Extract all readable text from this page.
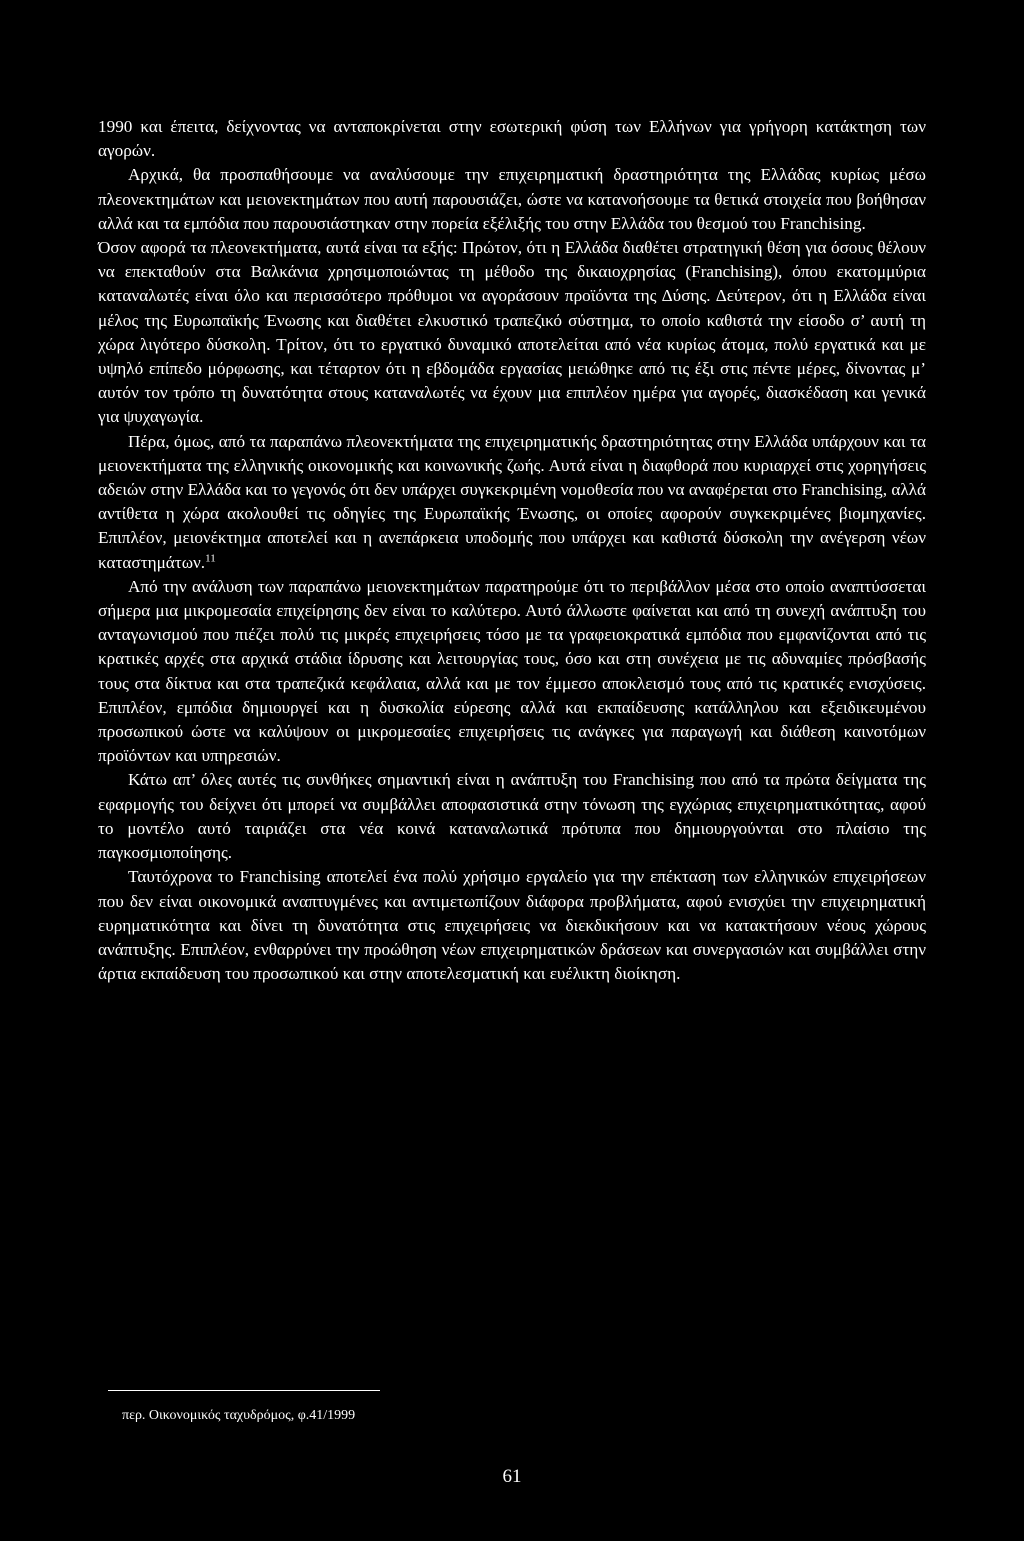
1990 και έπειτα, δείχνοντας να ανταποκρίνεται στην εσωτερική φύση των Ελλήνων για γρήγορη κατάκτηση των αγορών.

Αρχικά, θα προσπαθήσουμε να αναλύσουμε την επιχειρηματική δραστηριότητα της Ελλάδας κυρίως μέσω πλεονεκτημάτων και μειονεκτημάτων που αυτή παρουσιάζει, ώστε να κατανοήσουμε τα θετικά στοιχεία που βοήθησαν αλλά και τα εμπόδια που παρουσιάστηκαν στην πορεία εξέλιξής του στην Ελλάδα του θεσμού του Franchising.

Όσον αφορά τα πλεονεκτήματα, αυτά είναι τα εξής: Πρώτον, ότι η Ελλάδα διαθέτει στρατηγική θέση για όσους θέλουν να επεκταθούν στα Βαλκάνια χρησιμοποιώντας τη μέθοδο της δικαιοχρησίας (Franchising), όπου εκατομμύρια καταναλωτές είναι όλο και περισσότερο πρόθυμοι να αγοράσουν προϊόντα της Δύσης. Δεύτερον, ότι η Ελλάδα είναι μέλος της Ευρωπαϊκής Ένωσης και διαθέτει ελκυστικό τραπεζικό σύστημα, το οποίο καθιστά την είσοδο σ’ αυτή τη χώρα λιγότερο δύσκολη. Τρίτον, ότι το εργατικό δυναμικό αποτελείται από νέα κυρίως άτομα, πολύ εργατικά και με υψηλό επίπεδο μόρφωσης, και τέταρτον ότι η εβδομάδα εργασίας μειώθηκε από τις έξι στις πέντε μέρες, δίνοντας μ’ αυτόν τον τρόπο τη δυνατότητα στους καταναλωτές να έχουν μια επιπλέον ημέρα για αγορές, διασκέδαση και γενικά για ψυχαγωγία.

Πέρα, όμως, από τα παραπάνω πλεονεκτήματα της επιχειρηματικής δραστηριότητας στην Ελλάδα υπάρχουν και τα μειονεκτήματα της ελληνικής οικονομικής και κοινωνικής ζωής. Αυτά είναι η διαφθορά που κυριαρχεί στις χορηγήσεις αδειών στην Ελλάδα και το γεγονός ότι δεν υπάρχει συγκεκριμένη νομοθεσία που να αναφέρεται στο Franchising, αλλά αντίθετα η χώρα ακολουθεί τις οδηγίες της Ευρωπαϊκής Ένωσης, οι οποίες αφορούν συγκεκριμένες βιομηχανίες. Επιπλέον, μειονέκτημα αποτελεί και η ανεπάρκεια υποδομής που υπάρχει και καθιστά δύσκολη την ανέγερση νέων καταστημάτων.$^{11}$

Από την ανάλυση των παραπάνω μειονεκτημάτων παρατηρούμε ότι το περιβάλλον μέσα στο οποίο αναπτύσσεται σήμερα μια μικρομεσαία επιχείρησης δεν είναι το καλύτερο. Αυτό άλλωστε φαίνεται και από τη συνεχή ανάπτυξη του ανταγωνισμού που πιέζει πολύ τις μικρές επιχειρήσεις τόσο με τα γραφειοκρατικά εμπόδια που εμφανίζονται από τις κρατικές αρχές στα αρχικά στάδια ίδρυσης και λειτουργίας τους, όσο και στη συνέχεια με τις αδυναμίες πρόσβασής τους στα δίκτυα και στα τραπεζικά κεφάλαια, αλλά και με τον έμμεσο αποκλεισμό τους από τις κρατικές ενισχύσεις. Επιπλέον, εμπόδια δημιουργεί και η δυσκολία εύρεσης αλλά και εκπαίδευσης κατάλληλου και εξειδικευμένου προσωπικού ώστε να καλύψουν οι μικρομεσαίες επιχειρήσεις τις ανάγκες για παραγωγή και διάθεση καινοτόμων προϊόντων και υπηρεσιών.

Κάτω απ’ όλες αυτές τις συνθήκες σημαντική είναι η ανάπτυξη του Franchising που από τα πρώτα δείγματα της εφαρμογής του δείχνει ότι μπορεί να συμβάλλει αποφασιστικά στην τόνωση της εγχώριας επιχειρηματικότητας, αφού το μοντέλο αυτό ταιριάζει στα νέα κοινά καταναλωτικά πρότυπα που δημιουργούνται στο πλαίσιο της παγκοσμιοποίησης.

Ταυτόχρονα το Franchising αποτελεί ένα πολύ χρήσιμο εργαλείο για την επέκταση των ελληνικών επιχειρήσεων που δεν είναι οικονομικά αναπτυγμένες και αντιμετωπίζουν διάφορα προβλήματα, αφού ενισχύει την επιχειρηματική ευρηματικότητα και δίνει τη δυνατότητα στις επιχειρήσεις να διεκδικήσουν και να κατακτήσουν νέους χώρους ανάπτυξης. Επιπλέον, ενθαρρύνει την προώθηση νέων επιχειρηματικών δράσεων και συνεργασιών και συμβάλλει στην άρτια εκπαίδευση του προσωπικού και στην αποτελεσματική και ευέλικτη διοίκηση.

περ. Οικονομικός ταχυδρόμος, φ.41/1999
61
